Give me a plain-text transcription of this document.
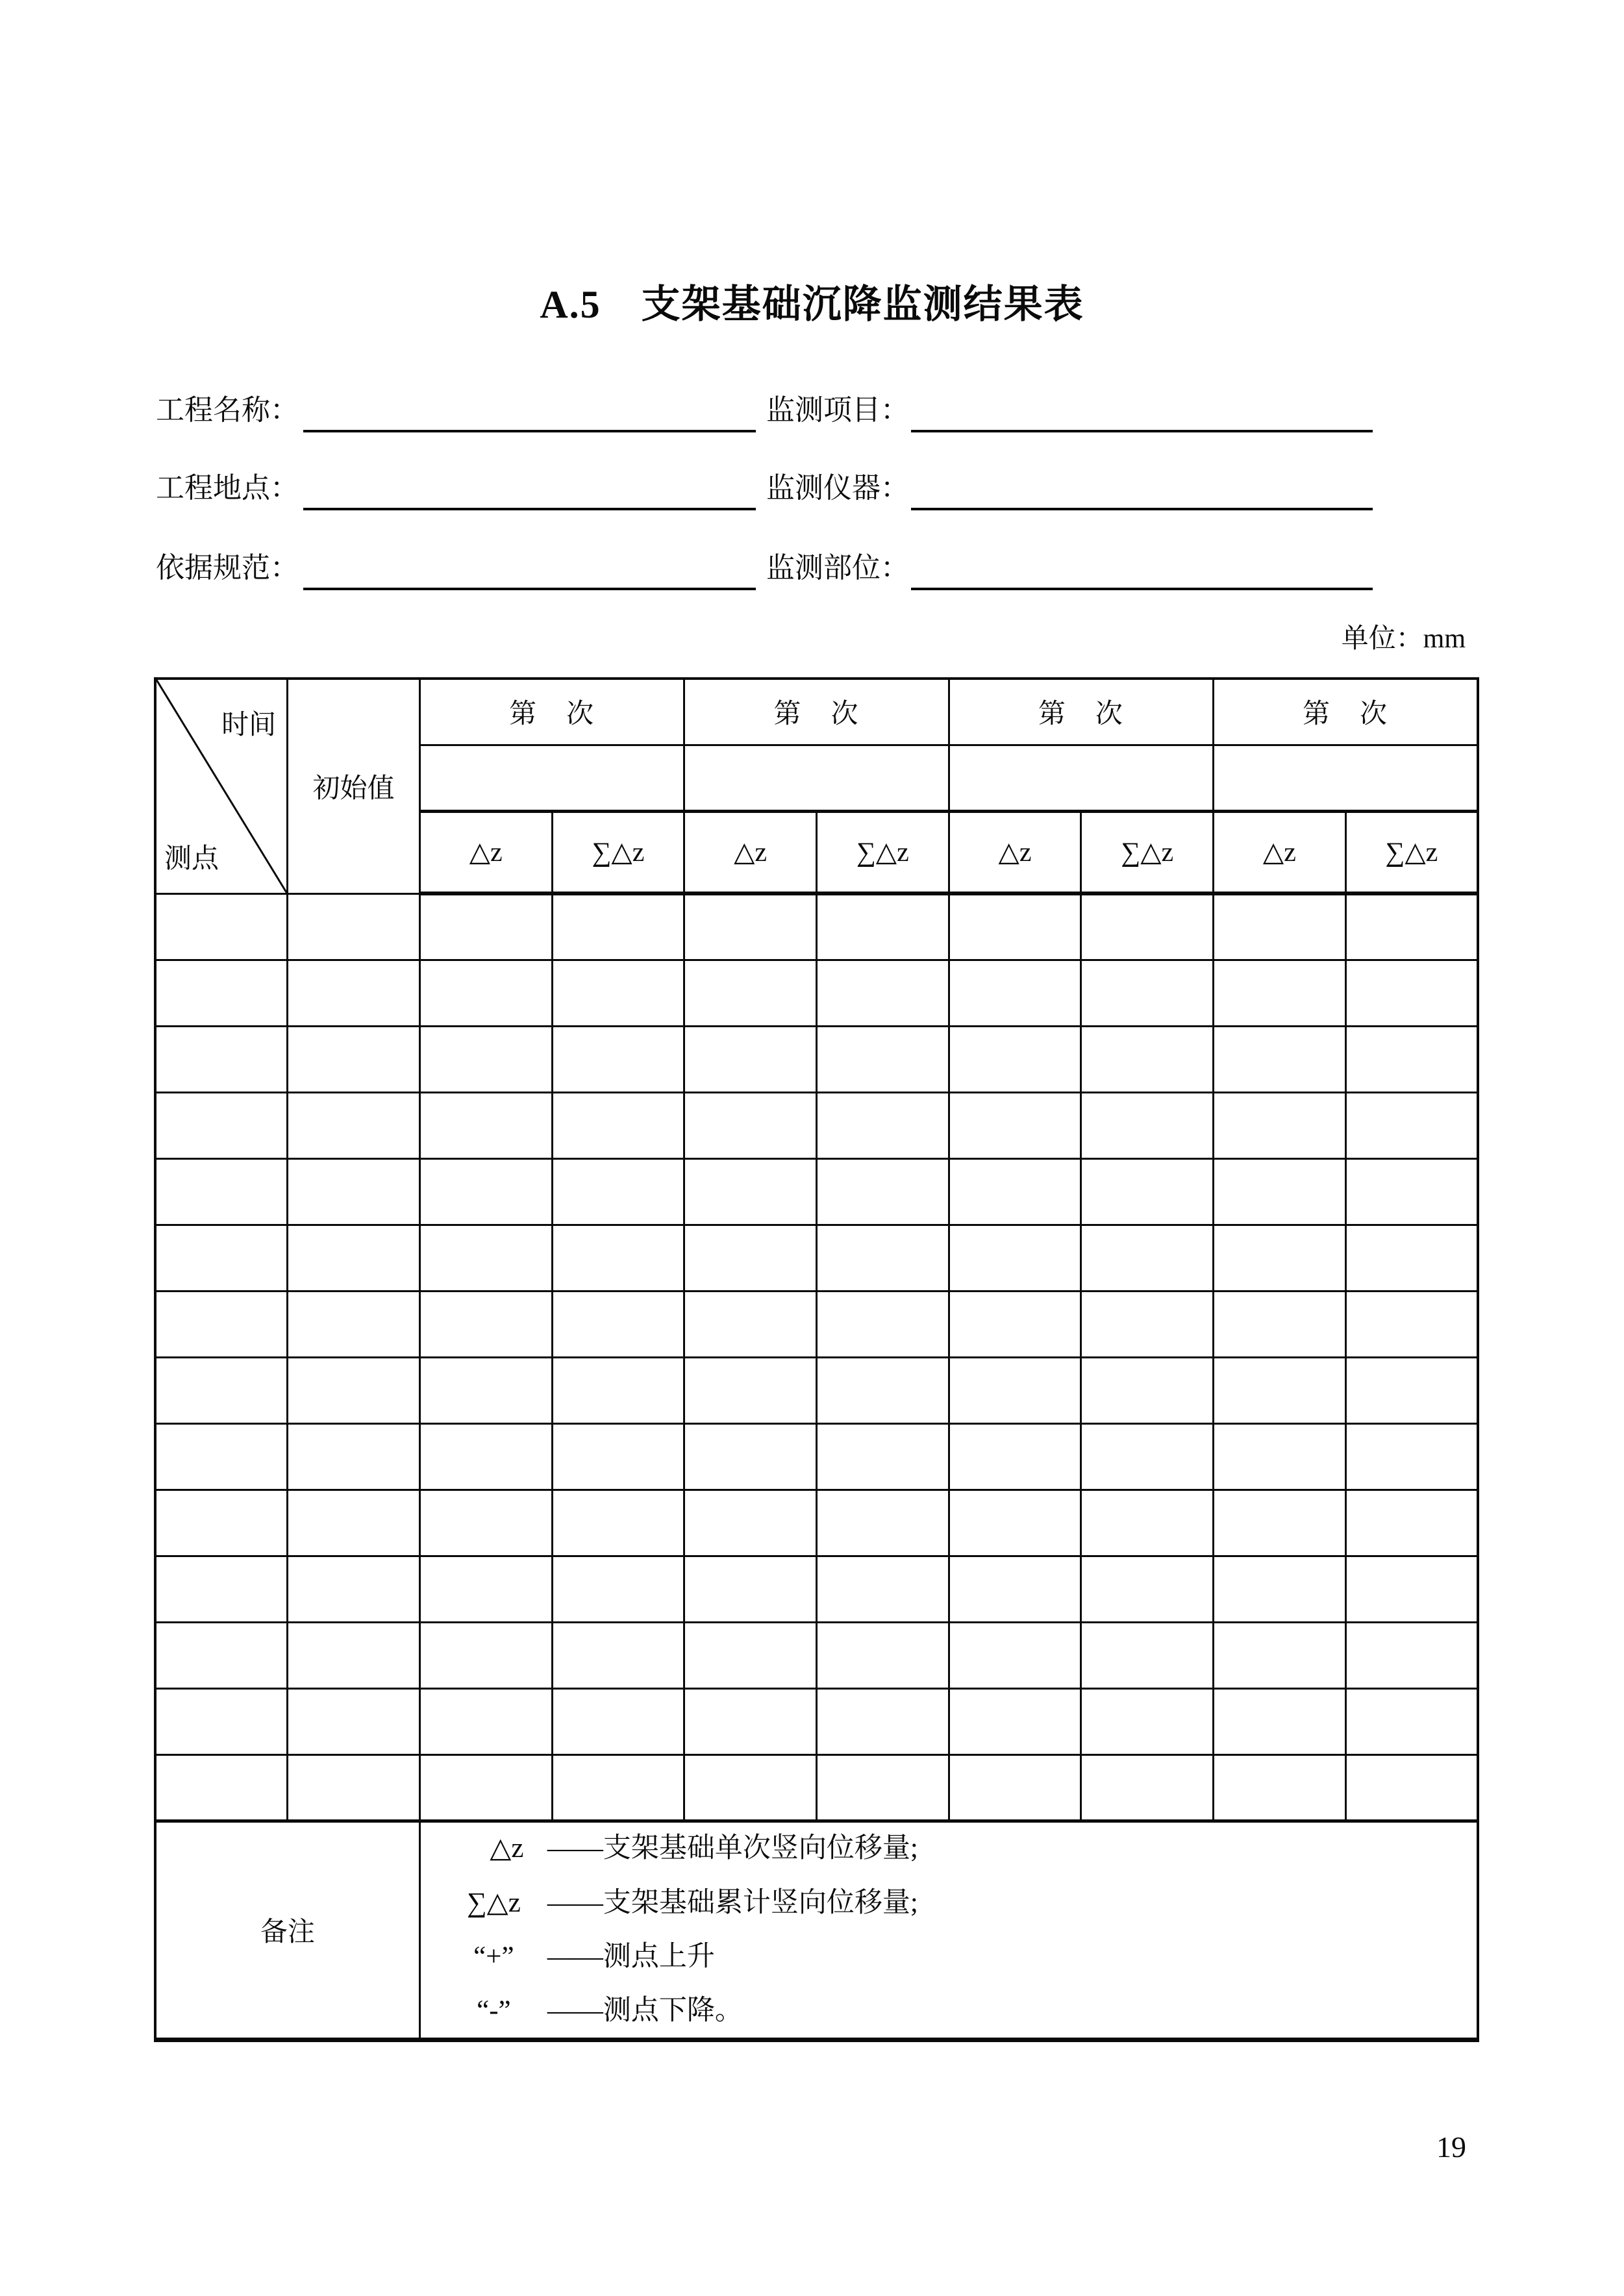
A.5　支架基础沉降监测结果表
工程名称：	监测项目：
工程地点：	监测仪器：
依据规范：	监测部位：
单位：mm
时间
测点	初始值	第　次		第　次		第　次		第　次	

		△z	∑△z	△z	∑△z	△z	∑△z	△z	∑△z

备注	
△z ——支架基础单次竖向位移量;
∑△z ——支架基础累计竖向位移量;
“+”	——测点上升
“-”	——测点下降。
19
